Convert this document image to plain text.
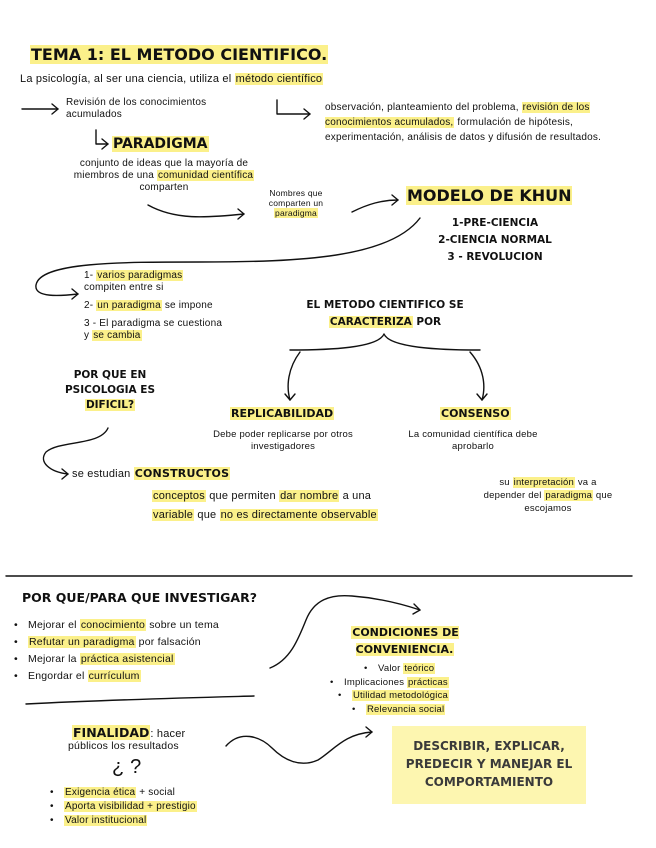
TEMA 1: EL METODO CIENTIFICO.
La psicología, al ser una ciencia, utiliza el método científico
Revisión de los conocimientos acumulados
observación, planteamiento del problema, revisión de los conocimientos acumulados, formulación de hipótesis, experimentación, análisis de datos y difusión de resultados.
PARADIGMA
conjunto de ideas que la mayoría de miembros de una comunidad científica comparten	Nombres que comparten un paradigma
MODELO DE KHUN
1-PRE-CIENCIA
2-CIENCIA NORMAL
3 - REVOLUCION
1- varios paradigmas
compiten entre si
2- un paradigma se impone
3 - El paradigma se cuestiona y se cambia
EL METODO CIENTIFICO SE
CARACTERIZA POR
POR QUE EN PSICOLOGIA ES DIFICIL?
REPLICABILIDAD
Debe poder replicarse por otros investigadores
CONSENSO
La comunidad científica debe aprobarlo
se estudian CONSTRUCTOS
conceptos que permiten dar nombre a una
variable que no es directamente observable
su interpretación va a depender del paradigma que escojamos
POR QUE/PARA QUE INVESTIGAR?
• Mejorar el conocimiento sobre un tema
• Refutar un paradigma por falsación
• Mejorar la práctica asistencial
• Engordar el currículum
CONDICIONES DE CONVENIENCIA.
• Valor teórico
• Implicaciones prácticas
• Utilidad metodológica
• Relevancia social
FINALIDAD: hacer
públicos los resultados
¿ ?
• Exigencia ética + social
• Aporta visibilidad + prestigio
• Valor institucional
DESCRIBIR, EXPLICAR, PREDECIR Y MANEJAR EL COMPORTAMIENTO
